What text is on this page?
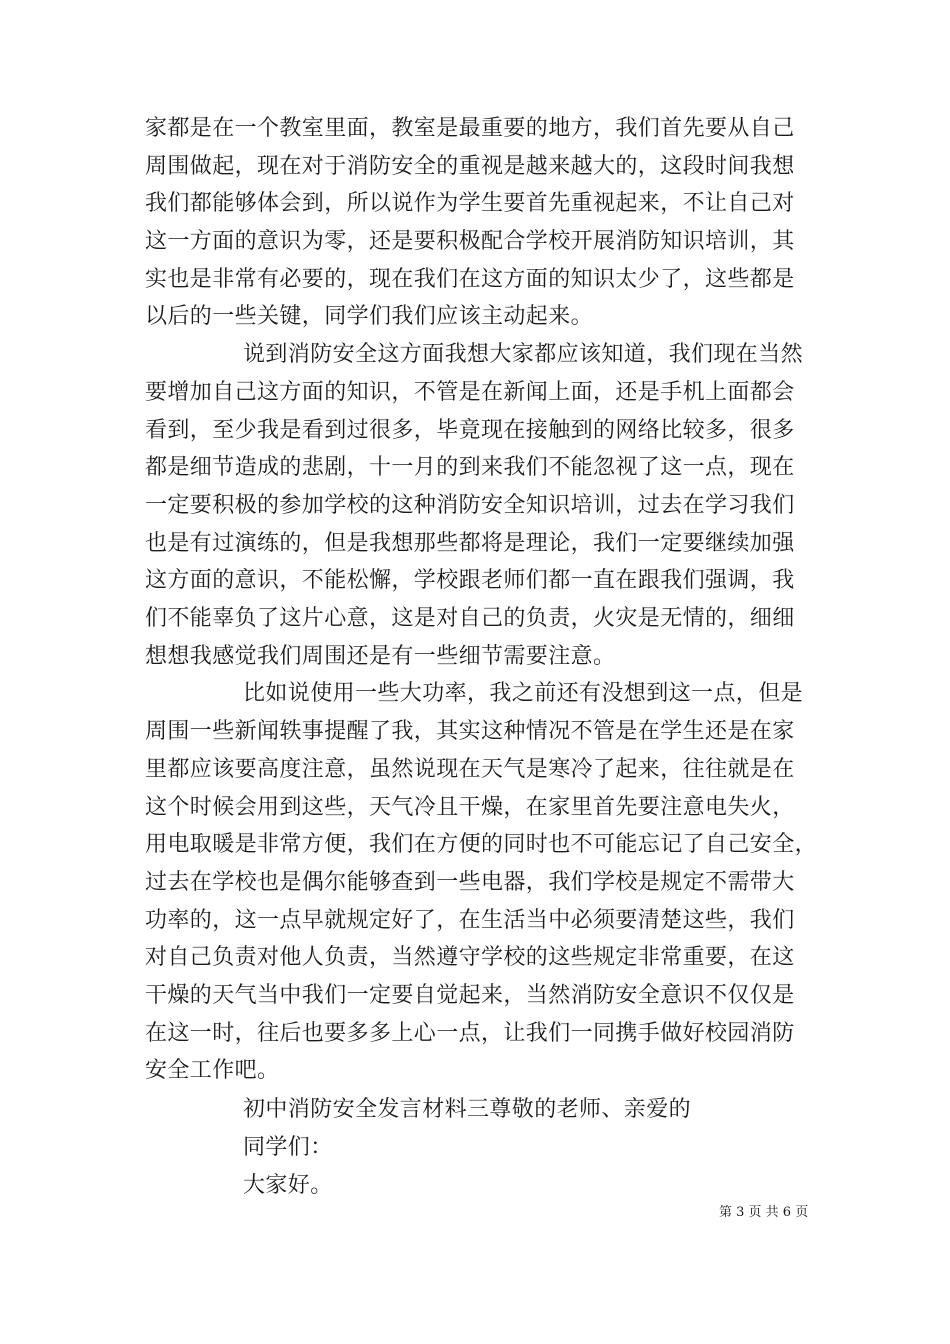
家都是在一个教室里面，教室是最重要的地方，我们首先要从自己
周围做起，现在对于消防安全的重视是越来越大的，这段时间我想
我们都能够体会到，所以说作为学生要首先重视起来，不让自己对
这一方面的意识为零，还是要积极配合学校开展消防知识培训，其
实也是非常有必要的，现在我们在这方面的知识太少了，这些都是
以后的一些关键，同学们我们应该主动起来。
说到消防安全这方面我想大家都应该知道，我们现在当然
要增加自己这方面的知识，不管是在新闻上面，还是手机上面都会
看到，至少我是看到过很多，毕竟现在接触到的网络比较多，很多
都是细节造成的悲剧，十一月的到来我们不能忽视了这一点，现在
一定要积极的参加学校的这种消防安全知识培训，过去在学习我们
也是有过演练的，但是我想那些都将是理论，我们一定要继续加强
这方面的意识，不能松懈，学校跟老师们都一直在跟我们强调，我
们不能辜负了这片心意，这是对自己的负责，火灾是无情的，细细
想想我感觉我们周围还是有一些细节需要注意。
比如说使用一些大功率，我之前还有没想到这一点，但是
周围一些新闻轶事提醒了我，其实这种情况不管是在学生还是在家
里都应该要高度注意，虽然说现在天气是寒冷了起来，往往就是在
这个时候会用到这些，天气冷且干燥，在家里首先要注意电失火，
用电取暖是非常方便，我们在方便的同时也不可能忘记了自己安全，
过去在学校也是偶尔能够查到一些电器，我们学校是规定不需带大
功率的，这一点早就规定好了，在生活当中必须要清楚这些，我们
对自己负责对他人负责，当然遵守学校的这些规定非常重要，在这
干燥的天气当中我们一定要自觉起来，当然消防安全意识不仅仅是
在这一时，往后也要多多上心一点，让我们一同携手做好校园消防
安全工作吧。
初中消防安全发言材料三尊敬的老师、亲爱的
同学们：
大家好。
第 3 页 共 6 页
